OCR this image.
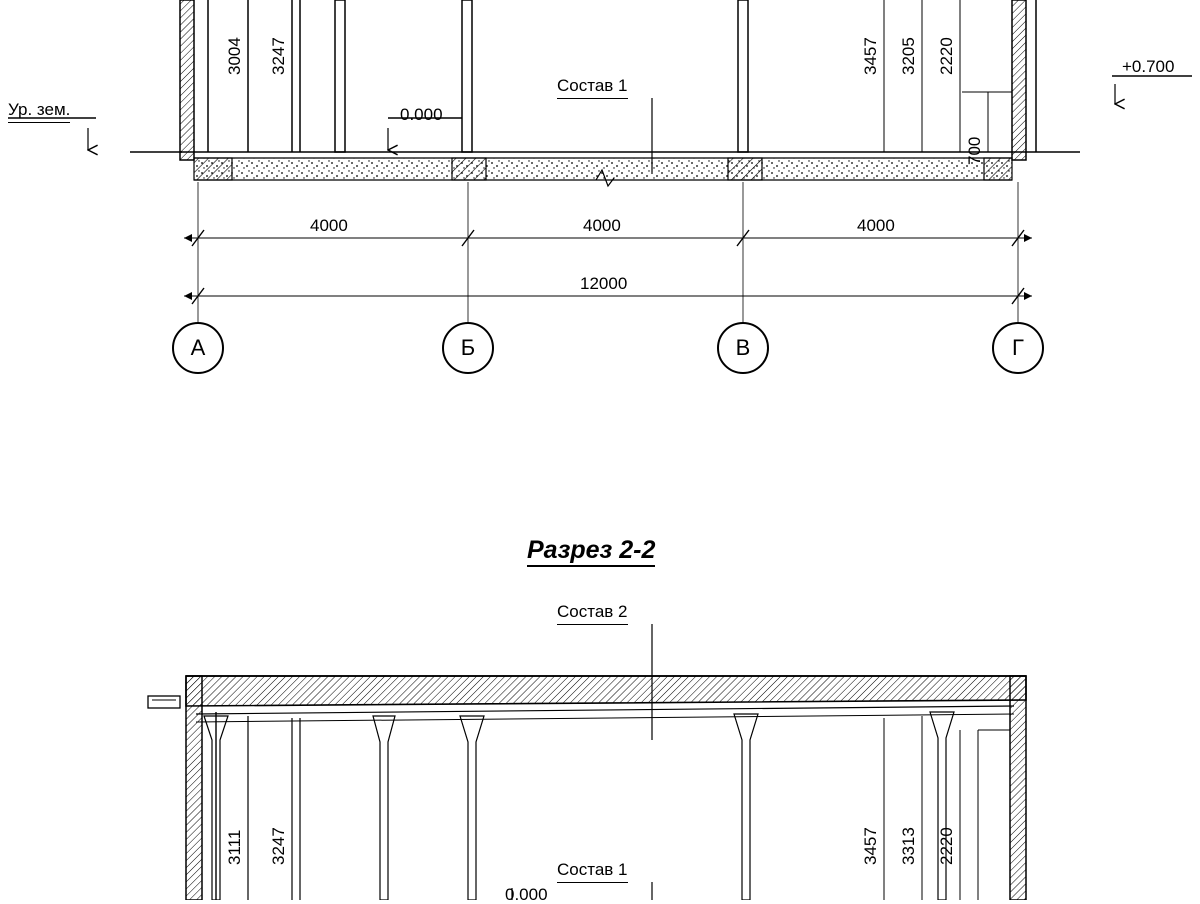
3004 3247	3457 3205 2220
700
Ур. зем.	0.000
+0.700
Состав 1
4000	4000	4000
12000
А	Б	В	Г
Разрез 2-2
Состав 2
Состав 1
0.000
3111 3247	3457 3313 2220
